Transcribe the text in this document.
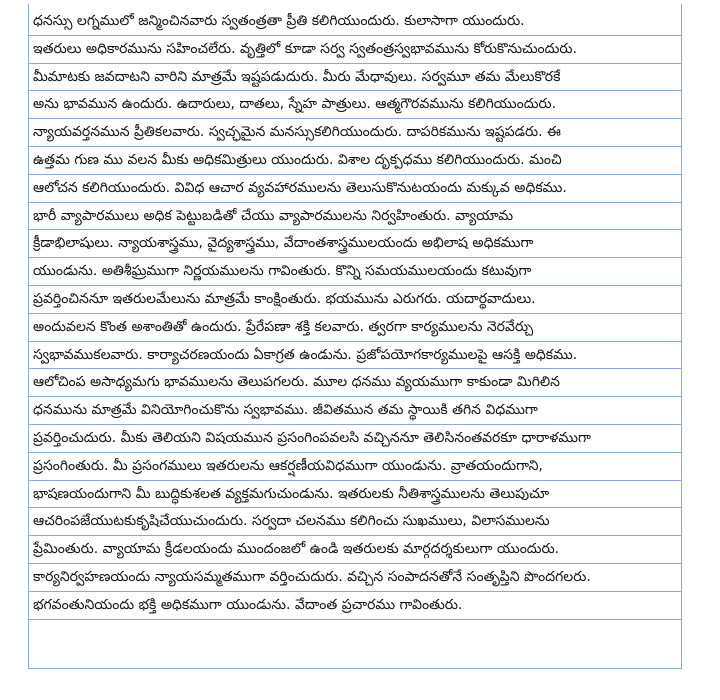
ధనస్సు లగ్నములో జన్మించినవారు స్వతంత్రతా ప్రీతి కలిగియుందురు. కులాసాగా యుందురు.
ఇతరులు అధికారమును సహించలేరు. వృత్తిలో కూడా సర్వ స్వతంత్రస్వభావమును కోరుకొనుచుందురు.
మీమాటకు జవదాటని వారిని మాత్రమే ఇష్టపడుదురు. మీరు మేధావులు. సర్వమూ తమ మేలుకొరకే
అను భావమున ఉందురు. ఉదారులు, దాతలు, స్నేహ పాత్రులు. ఆత్మగౌరవమును కలిగియుందురు.
న్యాయవర్తనమున ప్రీతికలవారు. స్వచ్ఛమైన మనస్సుకలిగియుందురు. దాపరికమును ఇష్టపడరు. ఈ
ఉత్తమ గుణ ము వలన మీకు అధికమిత్రులు యుందురు. విశాల దృక్పధము కలిగియుందురు. మంచి
ఆలోచన కలిగియుందురు. వివిధ ఆచార వ్యవహారములను తెలుసుకొనుటయందు మక్కువ అధికము.
భారీ వ్యాపారములు అధిక పెట్టుబడితో చేయు వ్యాపారములను నిర్వహింతురు. వ్యాయామ
క్రీడాభిలాషులు. న్యాయశాస్త్రము, వైద్యశాస్త్రము, వేదాంతశాస్త్రములయందు అభిలాష అధికముగా
యుండును. అతిశీఘ్రముగా నిర్ణయములను గావింతురు. కొన్ని సమయములయందు కటువుగా
ప్రవర్తించిననూ ఇతరులమేలును మాత్రమే కాంక్షింతురు. భయమును ఎరుగరు. యదార్థవాదులు.
అందువలన కొంత అశాంతితో ఉందురు. ప్రేరేపణా శక్తి కలవారు. త్వరగా కార్యములను నెరవేర్చు
స్వభావముకలవారు. కార్యాచరణయందు ఏకాగ్రత ఉండును. ప్రజోపయోగకార్యములపై ఆసక్తి అధికము.
ఆలోచింప అసాధ్యమగు భావములను తెలుపగలరు. మూల ధనము వ్యయముగా కాకుండా మిగిలిన
ధనమును మాత్రమే వినియోగించుకొను స్వభావము. జీవితమున తమ స్థాయికి తగిన విధముగా
ప్రవర్తించుదురు. మీకు తెలియని విషయమున ప్రసంగింపవలసి వచ్చిననూ తెలిసినంతవరకూ ధారాళముగా
ప్రసంగింతురు. మీ ప్రసంగములు ఇతరులను ఆకర్షణీయవిధముగా యుండును. వ్రాతయందుగాని,
భాషణయందుగాని మీ బుద్ధికుశలత వ్యక్తమగుచుండును. ఇతరులకు నీతిశాస్త్రములను తెలుపుచూ
ఆచరింపజేయుటకుకృషిచేయుచుందురు. సర్వదా చలనము కలిగించు సుఖములు, విలాసములను
ప్రేమింతురు. వ్యాయామ క్రీడలయందు ముందంజలో ఉండి ఇతరులకు మార్గదర్శకులుగా యుందురు.
కార్యనిర్వహణయందు న్యాయసమ్మతముగా వర్తించుదురు. వచ్చిన సంపాదనతోనే సంతృప్తిని పొందగలరు.
భగవంతునియందు భక్తి అధికముగా యుండును. వేదాంత ప్రచారము గావింతురు.
